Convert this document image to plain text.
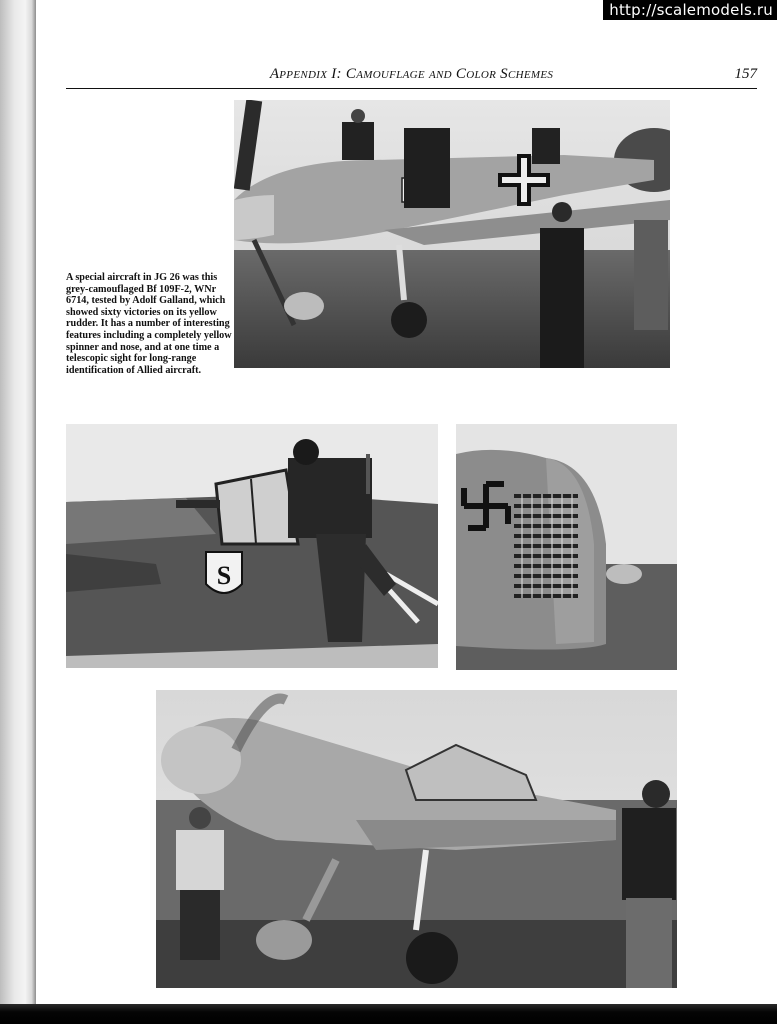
http://scalemodels.ru
Appendix I: Camouflage and Color Schemes	157
A special aircraft in JG 26 was this grey-camouflaged Bf 109F-2, WNr 6714, tested by Adolf Galland, which showed sixty victories on its yellow rudder. It has a number of interesting features including a completely yellow spinner and nose, and at one time a telescopic sight for long-range identification of Allied aircraft.
S
